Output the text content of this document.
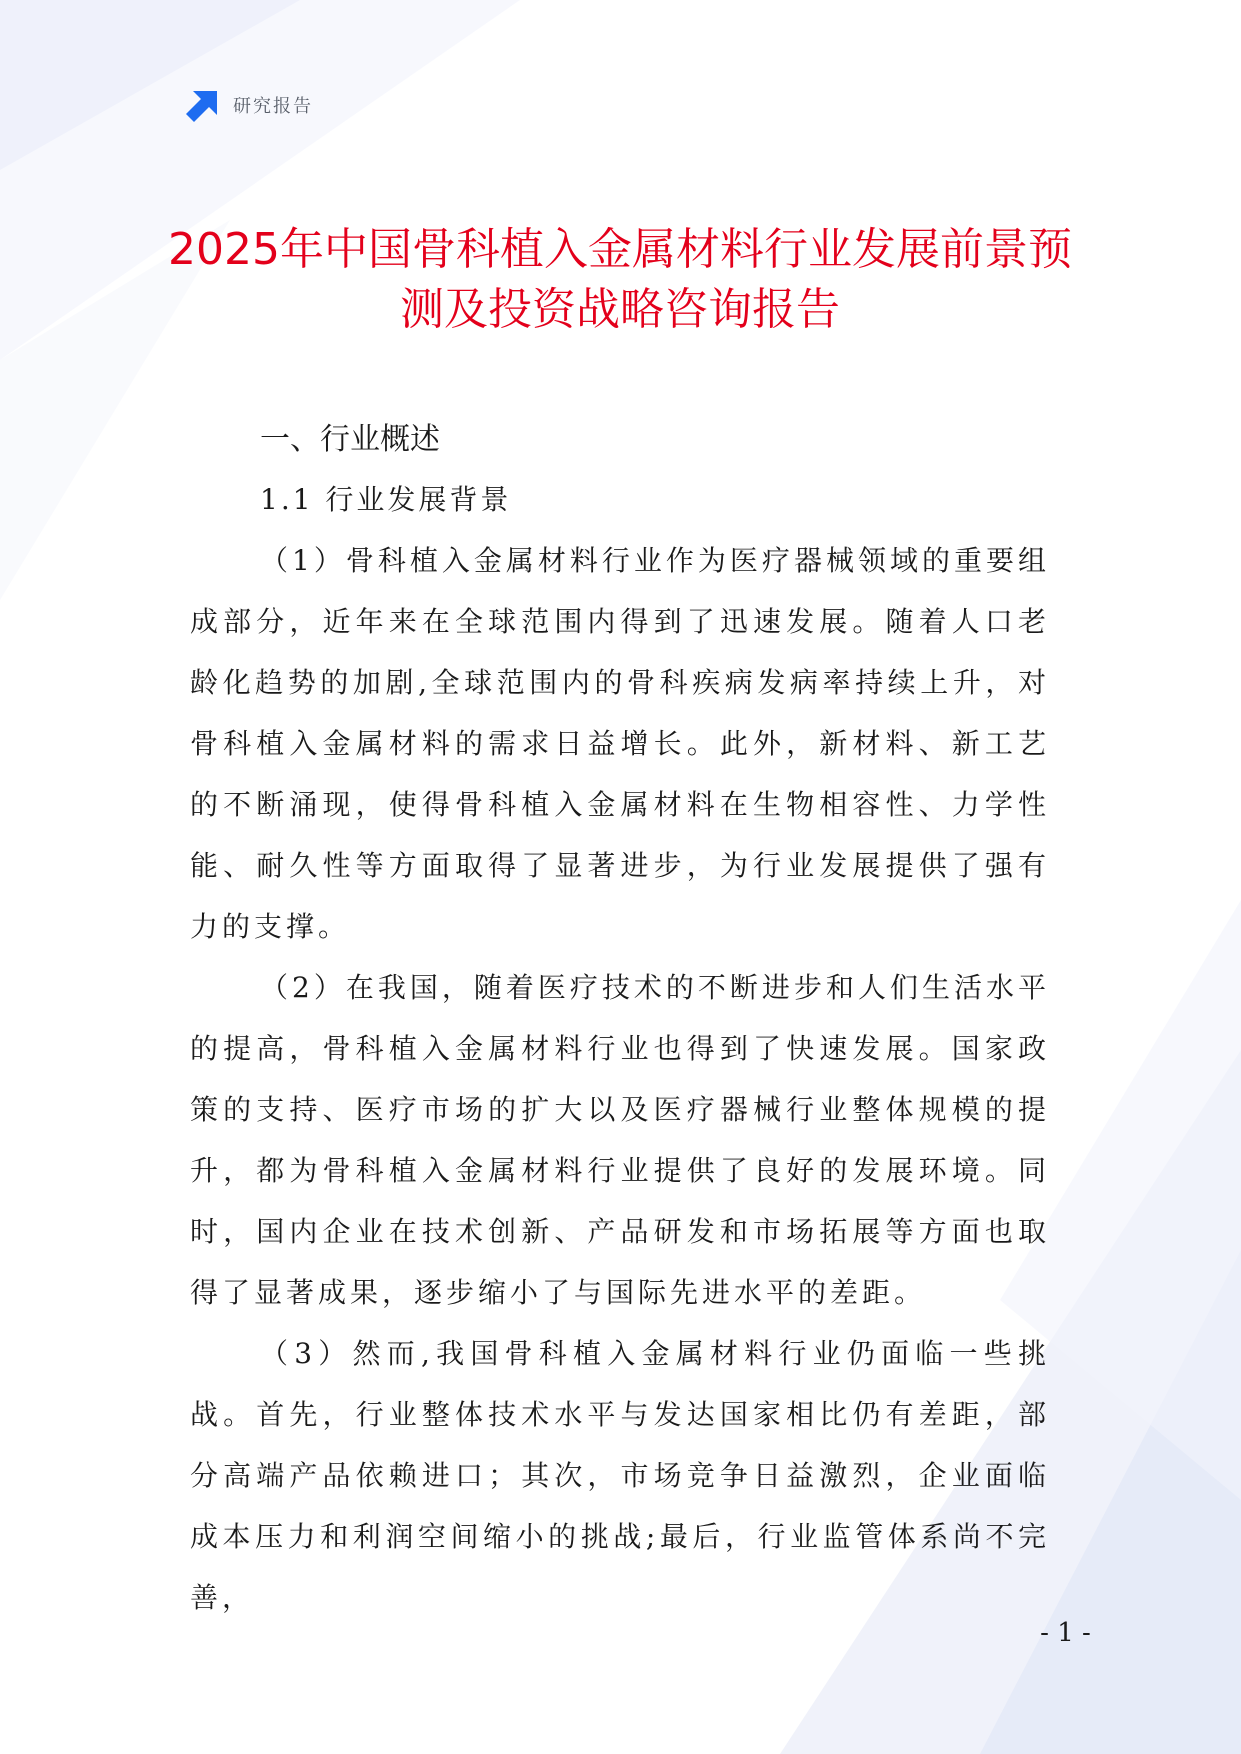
研究报告
2025年中国骨科植入金属材料行业发展前景预测及投资战略咨询报告
一、行业概述
1.1 行业发展背景

（1）骨科植入金属材料行业作为医疗器械领域的重要组成部分，近年来在全球范围内得到了迅速发展。随着人口老龄化趋势的加剧,全球范围内的骨科疾病发病率持续上升，对骨科植入金属材料的需求日益增长。此外，新材料、新工艺的不断涌现，使得骨科植入金属材料在生物相容性、力学性能、耐久性等方面取得了显著进步，为行业发展提供了强有力的支撑。

（2）在我国，随着医疗技术的不断进步和人们生活水平的提高，骨科植入金属材料行业也得到了快速发展。国家政策的支持、医疗市场的扩大以及医疗器械行业整体规模的提升，都为骨科植入金属材料行业提供了良好的发展环境。同时，国内企业在技术创新、产品研发和市场拓展等方面也取得了显著成果，逐步缩小了与国际先进水平的差距。

（3）然而,我国骨科植入金属材料行业仍面临一些挑战。首先，行业整体技术水平与发达国家相比仍有差距，部分高端产品依赖进口；其次，市场竞争日益激烈，企业面临成本压力和利润空间缩小的挑战;最后，行业监管体系尚不完善，

- 1 -
